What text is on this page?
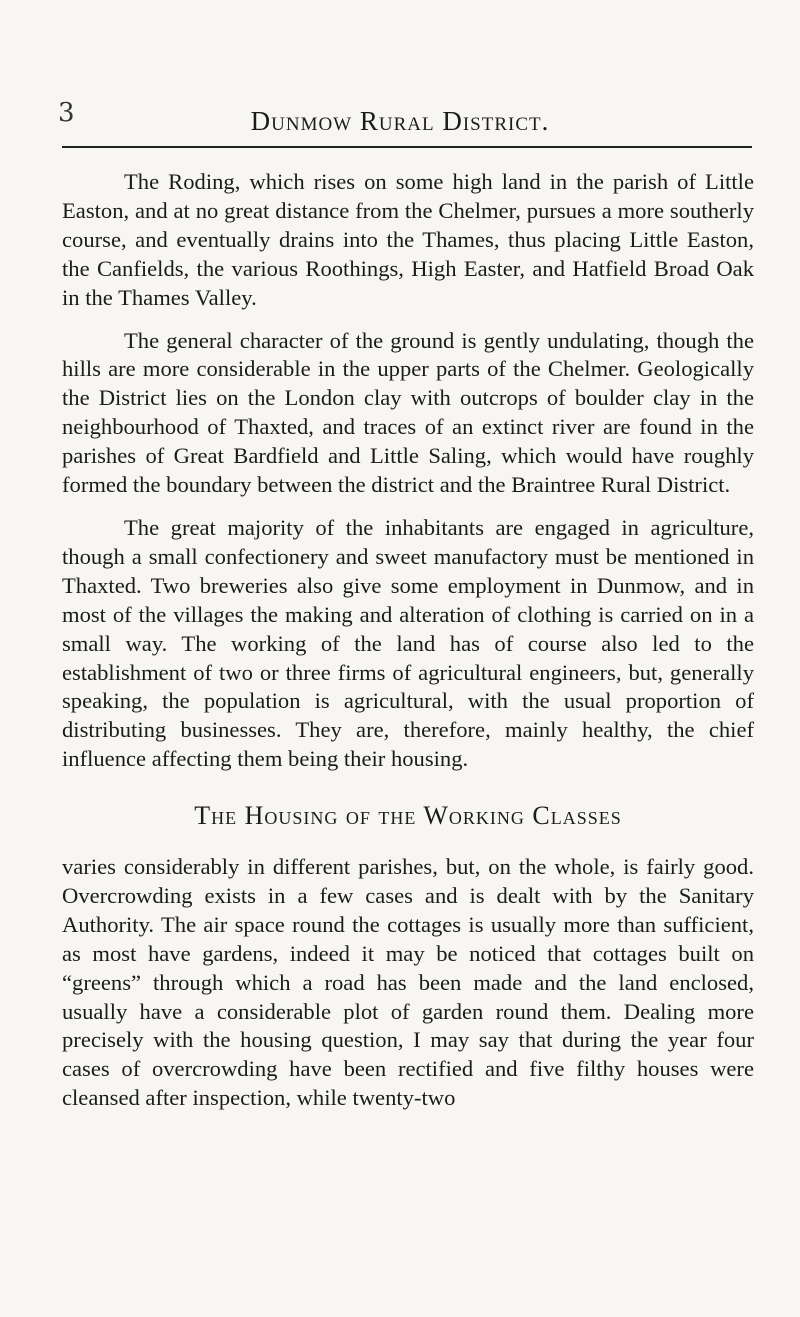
3	Dunmow Rural District.

The Roding, which rises on some high land in the parish of Little Easton, and at no great distance from the Chelmer, pursues a more southerly course, and eventually drains into the Thames, thus placing Little Easton, the Canfields, the various Roothings, High Easter, and Hatfield Broad Oak in the Thames Valley.

The general character of the ground is gently undulating, though the hills are more considerable in the upper parts of the Chelmer. Geologically the District lies on the London clay with outcrops of boulder clay in the neighbourhood of Thaxted, and traces of an extinct river are found in the parishes of Great Bardfield and Little Saling, which would have roughly formed the boundary between the district and the Braintree Rural District.

The great majority of the inhabitants are engaged in agriculture, though a small confectionery and sweet manufactory must be mentioned in Thaxted. Two breweries also give some employment in Dunmow, and in most of the villages the making and alteration of clothing is carried on in a small way. The working of the land has of course also led to the establishment of two or three firms of agricultural engineers, but, generally speaking, the population is agricultural, with the usual proportion of distributing businesses. They are, therefore, mainly healthy, the chief influence affecting them being their housing.

The Housing of the Working Classes

varies considerably in different parishes, but, on the whole, is fairly good. Overcrowding exists in a few cases and is dealt with by the Sanitary Authority. The air space round the cottages is usually more than sufficient, as most have gardens, indeed it may be noticed that cottages built on “greens” through which a road has been made and the land enclosed, usually have a considerable plot of garden round them. Dealing more precisely with the housing question, I may say that during the year four cases of overcrowding have been rectified and five filthy houses were cleansed after inspection, while twenty-two
